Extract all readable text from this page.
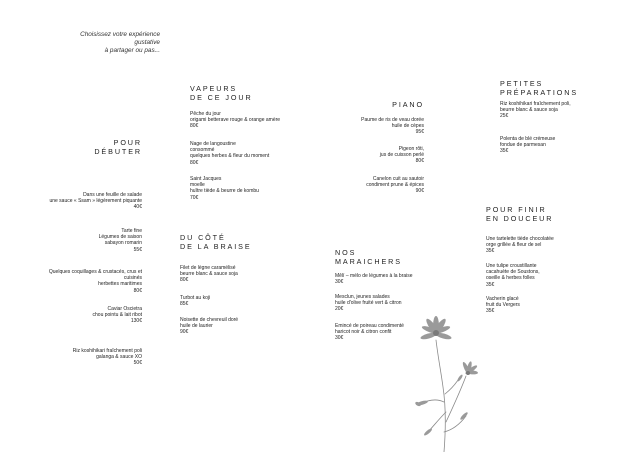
Choisissez votre expérience
gustative
à partager ou pas...
POUR
DÉBUTER
Dans une feuille de salade
une sauce « Ssam » légèrement piquante
40€
Tarte fine
Légumes de saison
sabayon romarin
55€
Quelques coquillages & crustacés, crus et
cuisinés
herbettes maritimes
80€
Caviar Oscietra
chou pointu & lait ribot
130€
Riz koshihikari fraîchement poli
galanga & sauce XO
50€
VAPEURS
DE CE JOUR
Pêche du jour
origami betterave rouge & orange amère
80€
Nage de langoustine
consommé
quelques herbes & fleur du moment
80€
Saint Jacques
moelle
huître tiède & beurre de kombu
70€
DU CÔTÉ
DE LA BRAISE
Filet de lègne caramélisé
beurre blanc & sauce soja
80€
Turbot au koji
85€
Noisette de chevreuil doré
huile de laurier
90€
PIANO
Paume de ris de veau dorée
huile de cèpes
95€
Pigeon rôti,
jus de cuisson perlé
80€
Canelon cuit au sautoir
condiment prune & épices
90€
NOS
MARAICHERS
Mêlí – mélo de légumes à la braise
30€
Mesclun, jeunes salades
huile d'olive fruité vert & citron
20€
Emincé de poireau condimenté
haricot noir & citron confit
30€
PETITES
PRÉPARATIONS
Riz koshihikari fraîchement poli,
beurre blanc & sauce soja
25€
Polenta de blé crémeuse
fondue de parmesan
35€
POUR FINIR
EN DOUCEUR
Une tartelette tiède chocolatée
orge grillée & fleur de sel
35€
Une tulipe croustillante
cacahuète de Soustons,
oseille & herbes folles
35€
Vacherin glacé
fruit du Vergers
35€
